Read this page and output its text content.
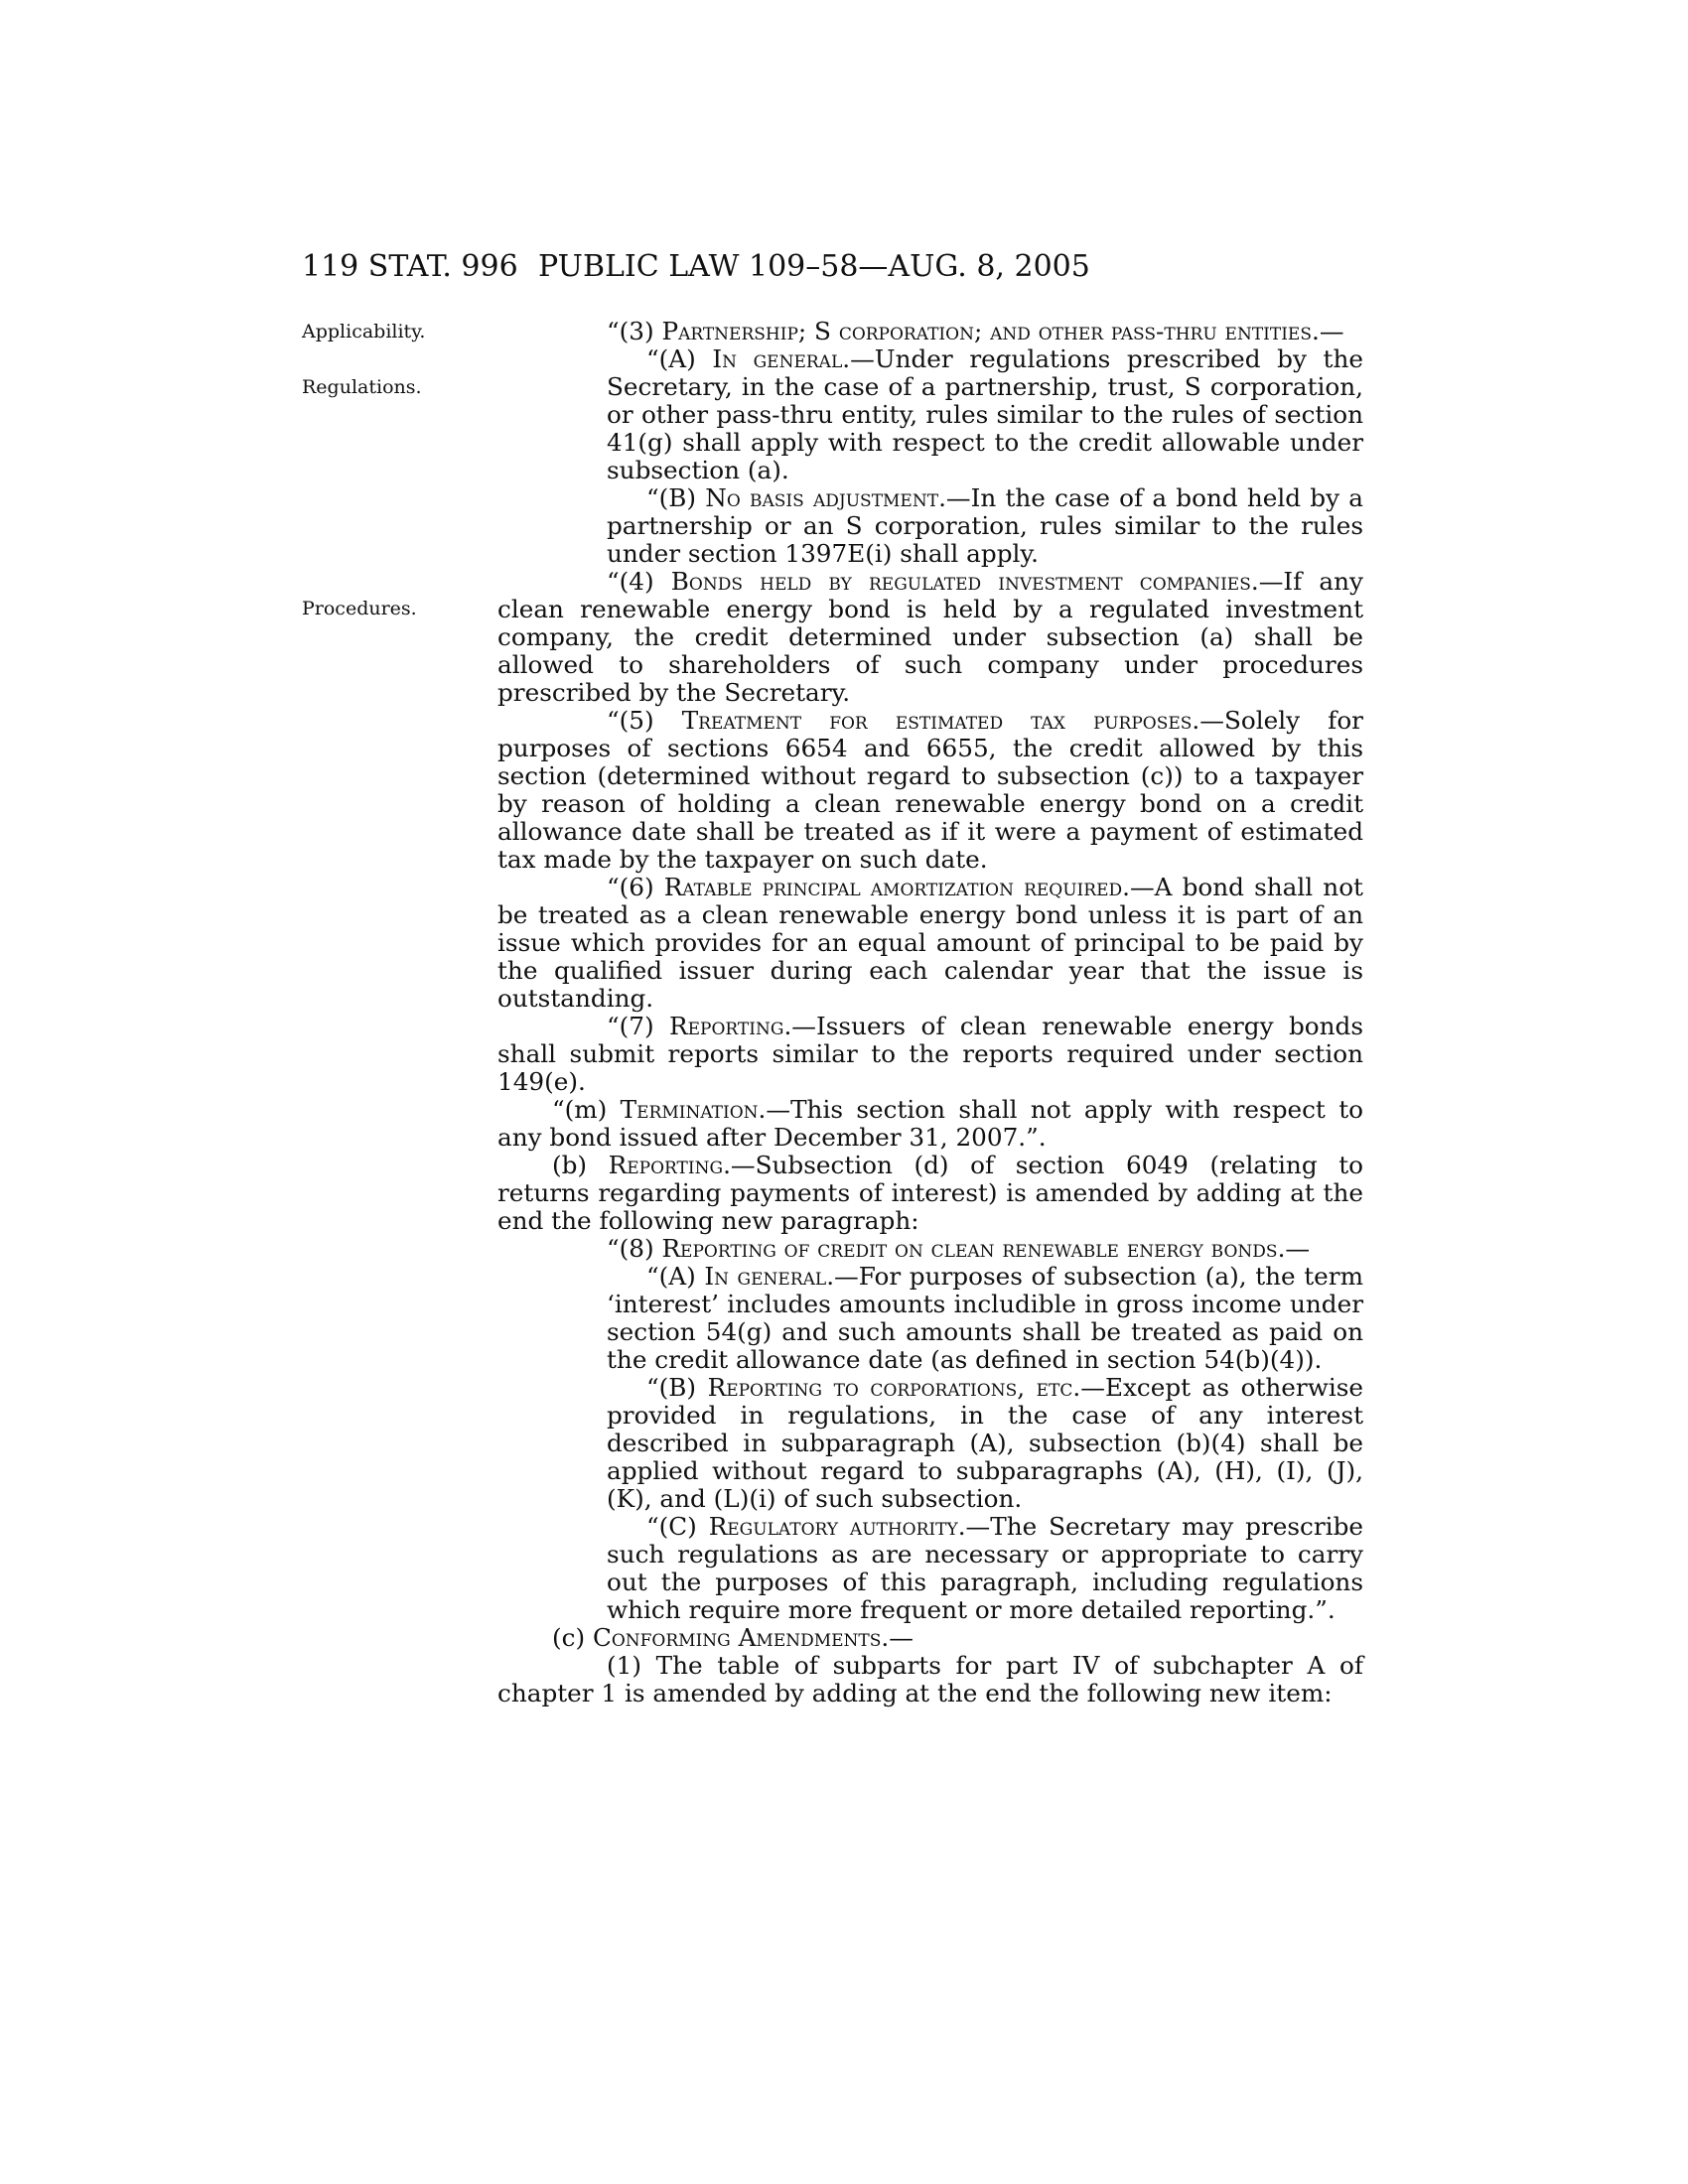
119 STAT. 996 PUBLIC LAW 109–58—AUG. 8, 2005
Applicability.
Regulations.
Procedures.

“(3) Partnership; S corporation; and other pass-thru entities.—

“(A) In general.—Under regulations prescribed by the Secretary, in the case of a partnership, trust, S corporation, or other pass-thru entity, rules similar to the rules of section 41(g) shall apply with respect to the credit allowable under subsection (a).

“(B) No basis adjustment.—In the case of a bond held by a partnership or an S corporation, rules similar to the rules under section 1397E(i) shall apply.

“(4) Bonds held by regulated investment companies.—If any clean renewable energy bond is held by a regulated investment company, the credit determined under subsection (a) shall be allowed to shareholders of such company under procedures prescribed by the Secretary.

“(5) Treatment for estimated tax purposes.—Solely for purposes of sections 6654 and 6655, the credit allowed by this section (determined without regard to subsection (c)) to a taxpayer by reason of holding a clean renewable energy bond on a credit allowance date shall be treated as if it were a payment of estimated tax made by the taxpayer on such date.

“(6) Ratable principal amortization required.—A bond shall not be treated as a clean renewable energy bond unless it is part of an issue which provides for an equal amount of principal to be paid by the qualified issuer during each calendar year that the issue is outstanding.

“(7) Reporting.—Issuers of clean renewable energy bonds shall submit reports similar to the reports required under section 149(e).

“(m) Termination.—This section shall not apply with respect to any bond issued after December 31, 2007.”.

(b) Reporting.—Subsection (d) of section 6049 (relating to returns regarding payments of interest) is amended by adding at the end the following new paragraph:

“(8) Reporting of credit on clean renewable energy bonds.—

“(A) In general.—For purposes of subsection (a), the term ‘interest’ includes amounts includible in gross income under section 54(g) and such amounts shall be treated as paid on the credit allowance date (as defined in section 54(b)(4)).

“(B) Reporting to corporations, etc.—Except as otherwise provided in regulations, in the case of any interest described in subparagraph (A), subsection (b)(4) shall be applied without regard to subparagraphs (A), (H), (I), (J), (K), and (L)(i) of such subsection.

“(C) Regulatory authority.—The Secretary may prescribe such regulations as are necessary or appropriate to carry out the purposes of this paragraph, including regulations which require more frequent or more detailed reporting.”.

(c) Conforming Amendments.—

(1) The table of subparts for part IV of subchapter A of chapter 1 is amended by adding at the end the following new item:
